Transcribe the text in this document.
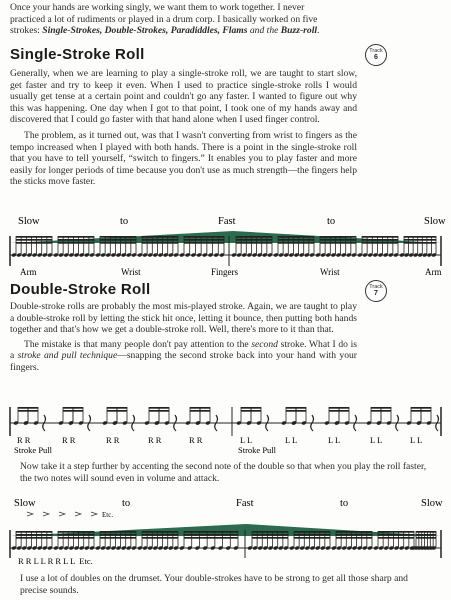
Once your hands are working singly, we want them to work together. I never
practiced a lot of rudiments or played in a drum corp. I basically worked on five
strokes: Single-Strokes, Double-Strokes, Paradiddles, Flams and the Buzz-roll.

Single-Stroke Roll	Track
6

Generally, when we are learning to play a single-stroke roll, we are taught to start slow, get faster and try to keep it even. When I used to practice single-stroke rolls I would usually get tense at a certain point and couldn't go any faster. I wanted to figure out why this was happening. One day when I got to that point, I took one of my hands away and discovered that I could go faster with that hand alone when I used finger control.

The problem, as it turned out, was that I wasn't converting from wrist to fingers as the tempo increased when I played with both hands. There is a point in the single-stroke roll that you have to tell yourself, “switch to fingers.” It enables you to play faster and more easily for longer periods of time because you don't use as much strength—the fingers help the sticks move faster.

Slow	to	Fast	to	Slow
Arm	Wrist	Fingers	Wrist	Arm
Double-Stroke Roll	Track
7

Double-stroke rolls are probably the most mis-played stroke. Again, we are taught to play a double-stroke roll by letting the stick hit once, letting it bounce, then putting both hands together and that's how we get a double-stroke roll. Well, there's more to it than that.

The mistake is that many people don't pay attention to the second stroke. What I do is a stroke and pull technique—snapping the second stroke back into your hand with your fingers.

R R	R R	R R	R R	R R	L L	L L	L L	L L	L L
Stroke Pull	Stroke Pull

Now take it a step further by accenting the second note of the double so that when you play the roll faster, the two notes will sound even in volume and attack.

Slow	to	Fast	to	Slow
Etc.
R R L L R R L L  Etc.

I use a lot of doubles on the drumset. Your double-strokes have to be strong to get all those sharp and precise sounds.
